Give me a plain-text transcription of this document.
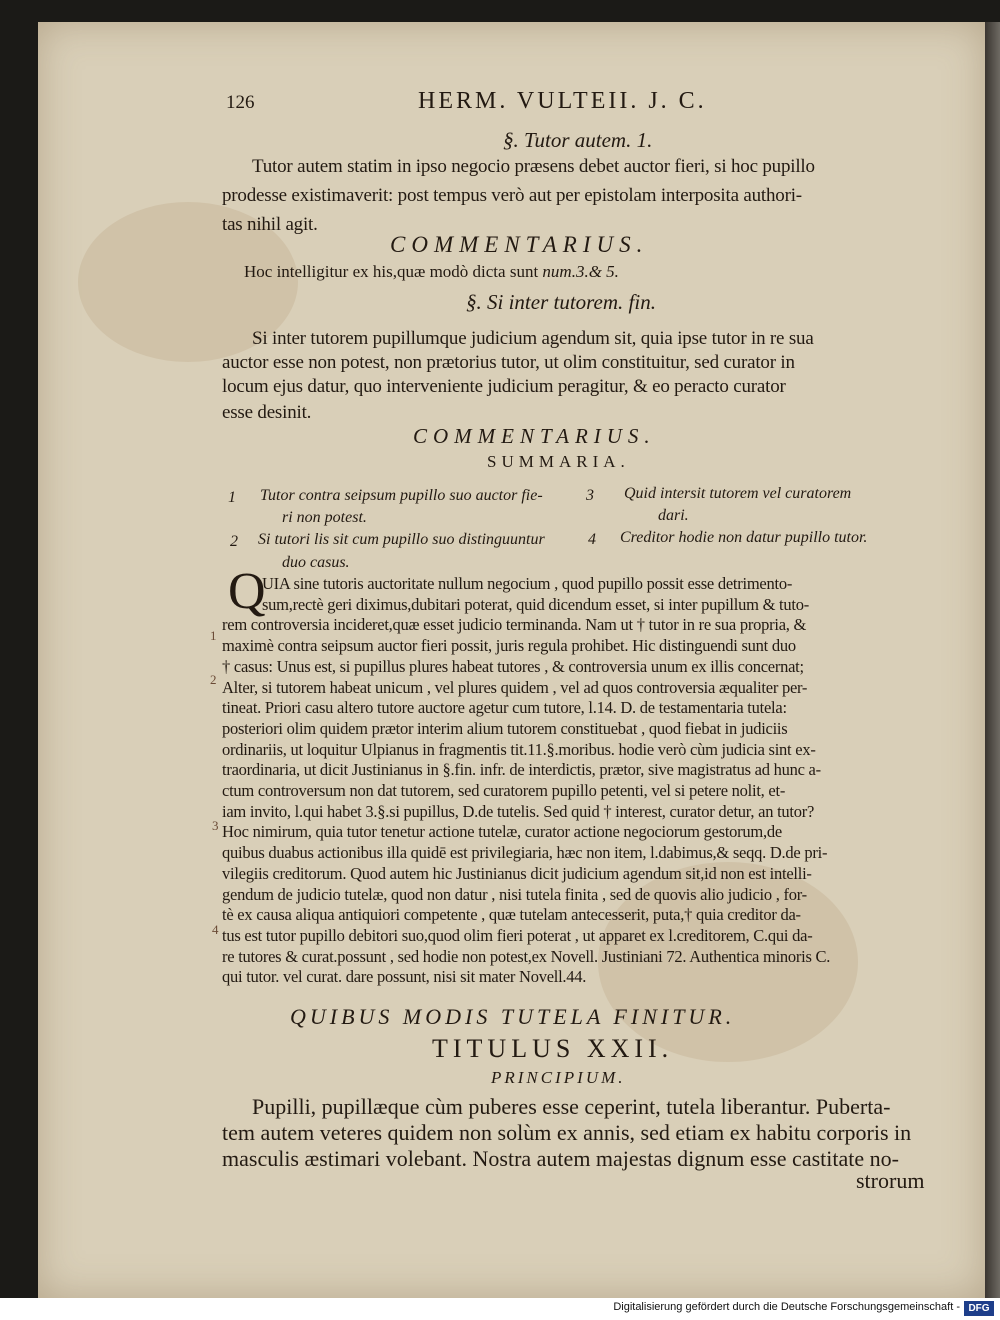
126	HERM. VULTEII. J. C.
§. Tutor autem. 1.
Tutor autem statim in ipso negocio præsens debet auctor fieri, si hoc pupillo
prodesse existimaverit: post tempus verò aut per epistolam interposita authori-
tas nihil agit.
COMMENTARIUS.
Hoc intelligitur ex his,quæ modò dicta sunt num.3.& 5.
§. Si inter tutorem. fin.
Si inter tutorem pupillumque judicium agendum sit, quia ipse tutor in re sua
auctor esse non potest, non prætorius tutor, ut olim constituitur, sed curator in
locum ejus datur, quo interveniente judicium peragitur, & eo peracto curator
esse desinit.
COMMENTARIUS.
SUMMARIA.
1 Tutor contra seipsum pupillo suo auctor fie-
ri non potest.
3 Quid intersit tutorem vel curatorem
dari.
2 Si tutori lis sit cum pupillo suo distinguuntur
duo casus.
4 Creditor hodie non datur pupillo tutor.
Q
1
2
3
4
UIA sine tutoris auctoritate nullum negocium , quod pupillo possit esse detrimento-
sum,rectè geri diximus,dubitari poterat, quid dicendum esset, si inter pupillum & tuto-
rem controversia incideret,quæ esset judicio terminanda. Nam ut † tutor in re sua propria, &
maximè contra seipsum auctor fieri possit, juris regula prohibet. Hic distinguendi sunt duo
† casus: Unus est, si pupillus plures habeat tutores , & controversia unum ex illis concernat;
Alter, si tutorem habeat unicum , vel plures quidem , vel ad quos controversia æqualiter per-
tineat. Priori casu altero tutore auctore agetur cum tutore, l.14. D. de testamentaria tutela:
posteriori olim quidem prætor interim alium tutorem constituebat , quod fiebat in judiciis
ordinariis, ut loquitur Ulpianus in fragmentis tit.11.§.moribus. hodie verò cùm judicia sint ex-
traordinaria, ut dicit Justinianus in §.fin. infr. de interdictis, prætor, sive magistratus ad hunc a-
ctum controversum non dat tutorem, sed curatorem pupillo petenti, vel si petere nolit, et-
iam invito, l.qui habet 3.§.si pupillus, D.de tutelis. Sed quid † interest, curator detur, an tutor?
Hoc nimirum, quia tutor tenetur actione tutelæ, curator actione negociorum gestorum,de
quibus duabus actionibus illa quidē est privilegiaria, hæc non item, l.dabimus,& seqq. D.de pri-
vilegiis creditorum. Quod autem hic Justinianus dicit judicium agendum sit,id non est intelli-
gendum de judicio tutelæ, quod non datur , nisi tutela finita , sed de quovis alio judicio , for-
tè ex causa aliqua antiquiori competente , quæ tutelam antecesserit, puta,† quia creditor da-
tus est tutor pupillo debitori suo,quod olim fieri poterat , ut apparet ex l.creditorem, C.qui da-
re tutores & curat.possunt , sed hodie non potest,ex Novell. Justiniani 72. Authentica minoris C.
qui tutor. vel curat. dare possunt, nisi sit mater Novell.44.
QUIBUS MODIS TUTELA FINITUR.
TITULUS XXII.
PRINCIPIUM.
Pupilli, pupillæque cùm puberes esse ceperint, tutela liberantur. Puberta-
tem autem veteres quidem non solùm ex annis, sed etiam ex habitu corporis in
masculis æstimari volebant. Nostra autem majestas dignum esse castitate no-
strorum
Digitalisierung gefördert durch die Deutsche Forschungsgemeinschaft - DFG
